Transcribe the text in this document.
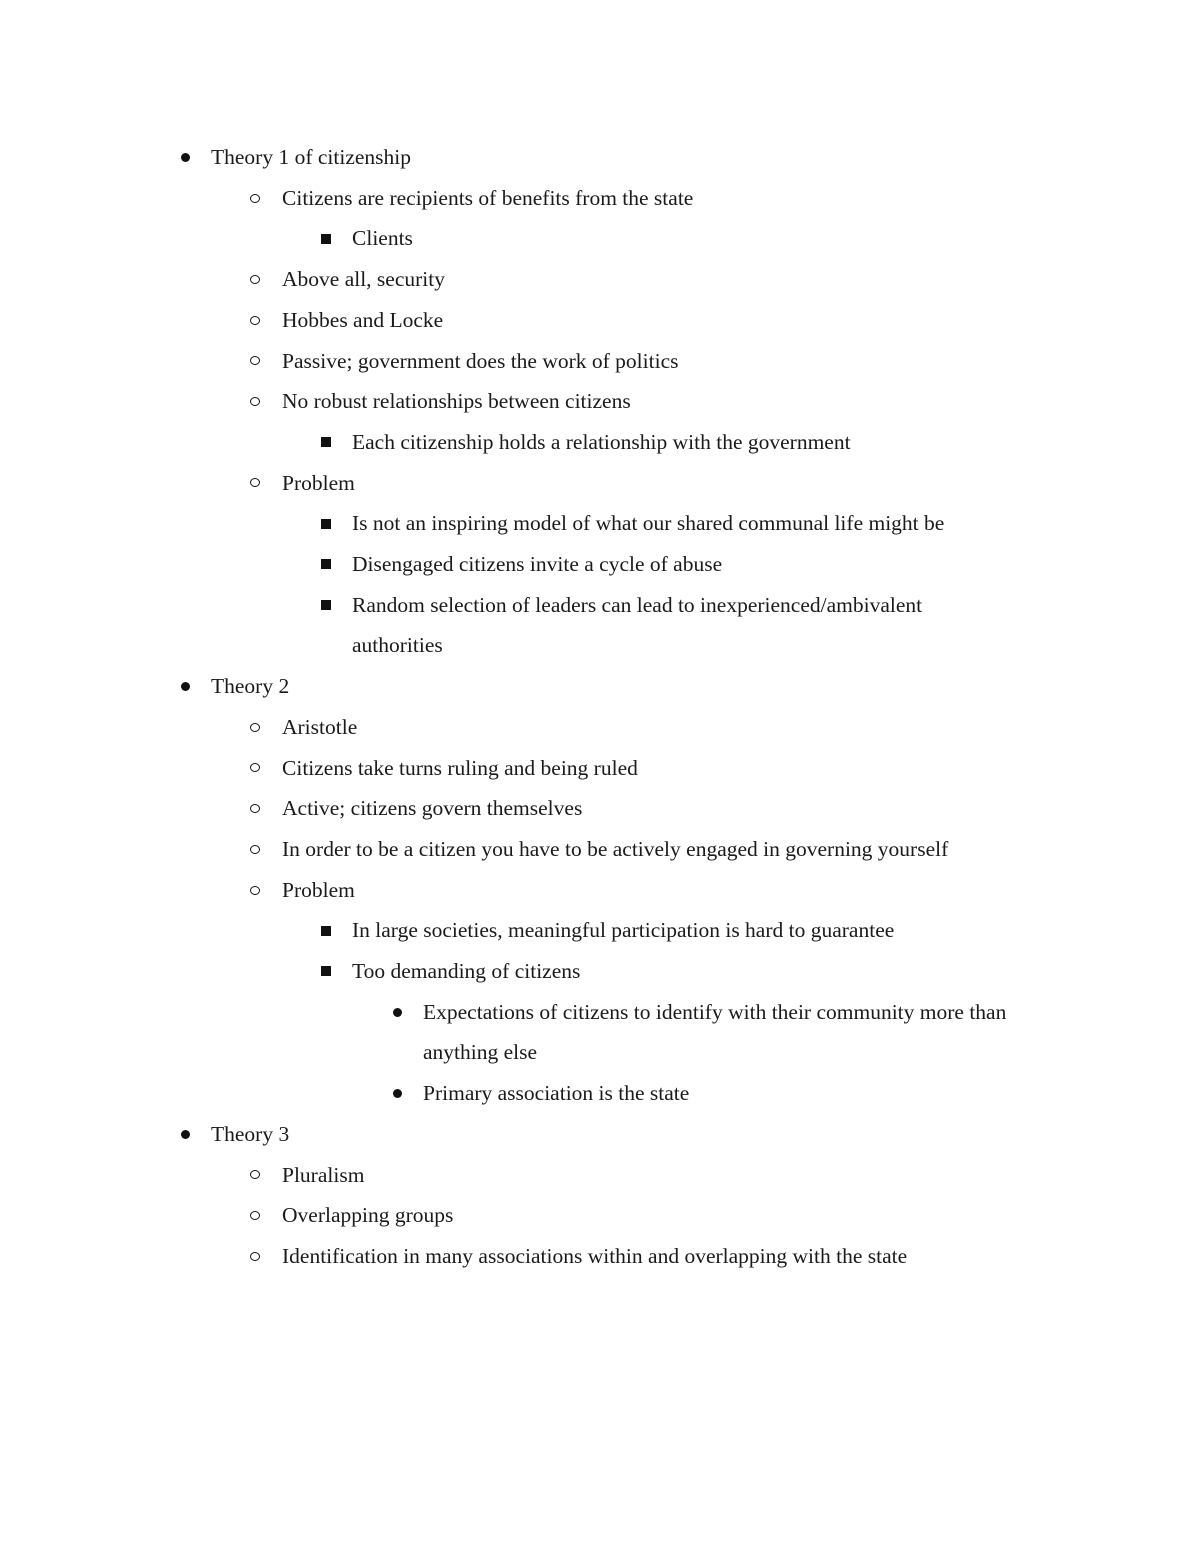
Theory 1 of citizenship
Citizens are recipients of benefits from the state
Clients
Above all, security
Hobbes and Locke
Passive; government does the work of politics
No robust relationships between citizens
Each citizenship holds a relationship with the government
Problem
Is not an inspiring model of what our shared communal life might be
Disengaged citizens invite a cycle of abuse
Random selection of leaders can lead to inexperienced/ambivalent authorities
Theory 2
Aristotle
Citizens take turns ruling and being ruled
Active; citizens govern themselves
In order to be a citizen you have to be actively engaged in governing yourself
Problem
In large societies, meaningful participation is hard to guarantee
Too demanding of citizens
Expectations of citizens to identify with their community more than anything else
Primary association is the state
Theory 3
Pluralism
Overlapping groups
Identification in many associations within and overlapping with the state
